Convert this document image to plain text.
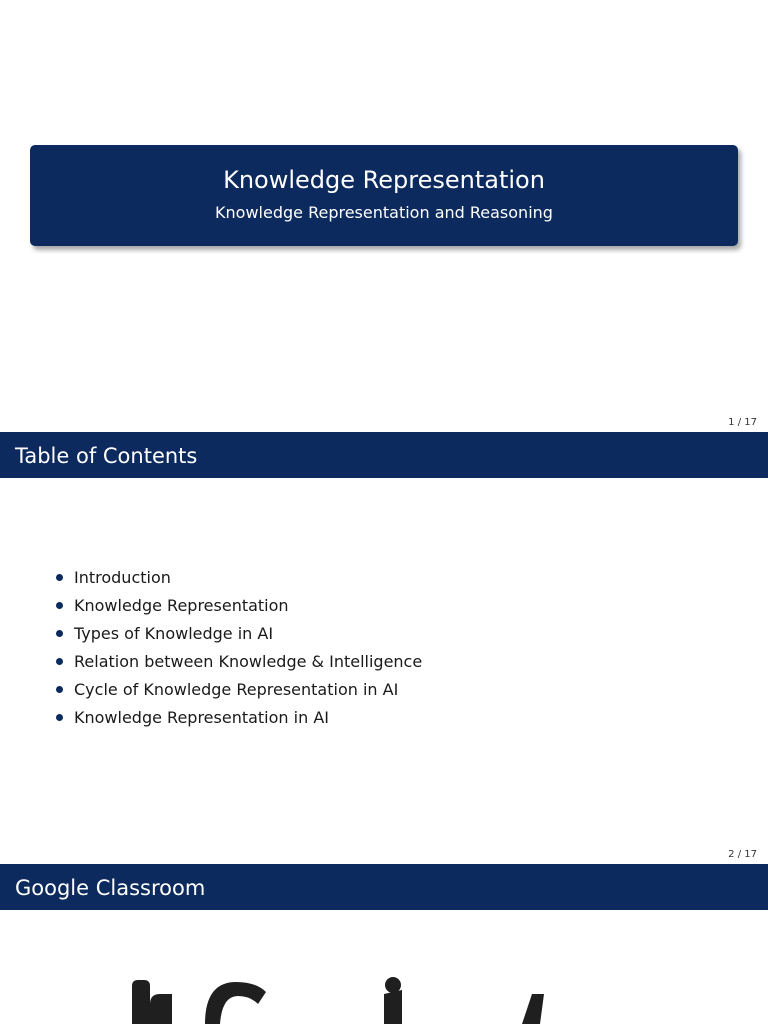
Knowledge Representation
Knowledge Representation and Reasoning
1 / 17
Table of Contents
Introduction
Knowledge Representation
Types of Knowledge in AI
Relation between Knowledge & Intelligence
Cycle of Knowledge Representation in AI
Knowledge Representation in AI
2 / 17
Google Classroom
